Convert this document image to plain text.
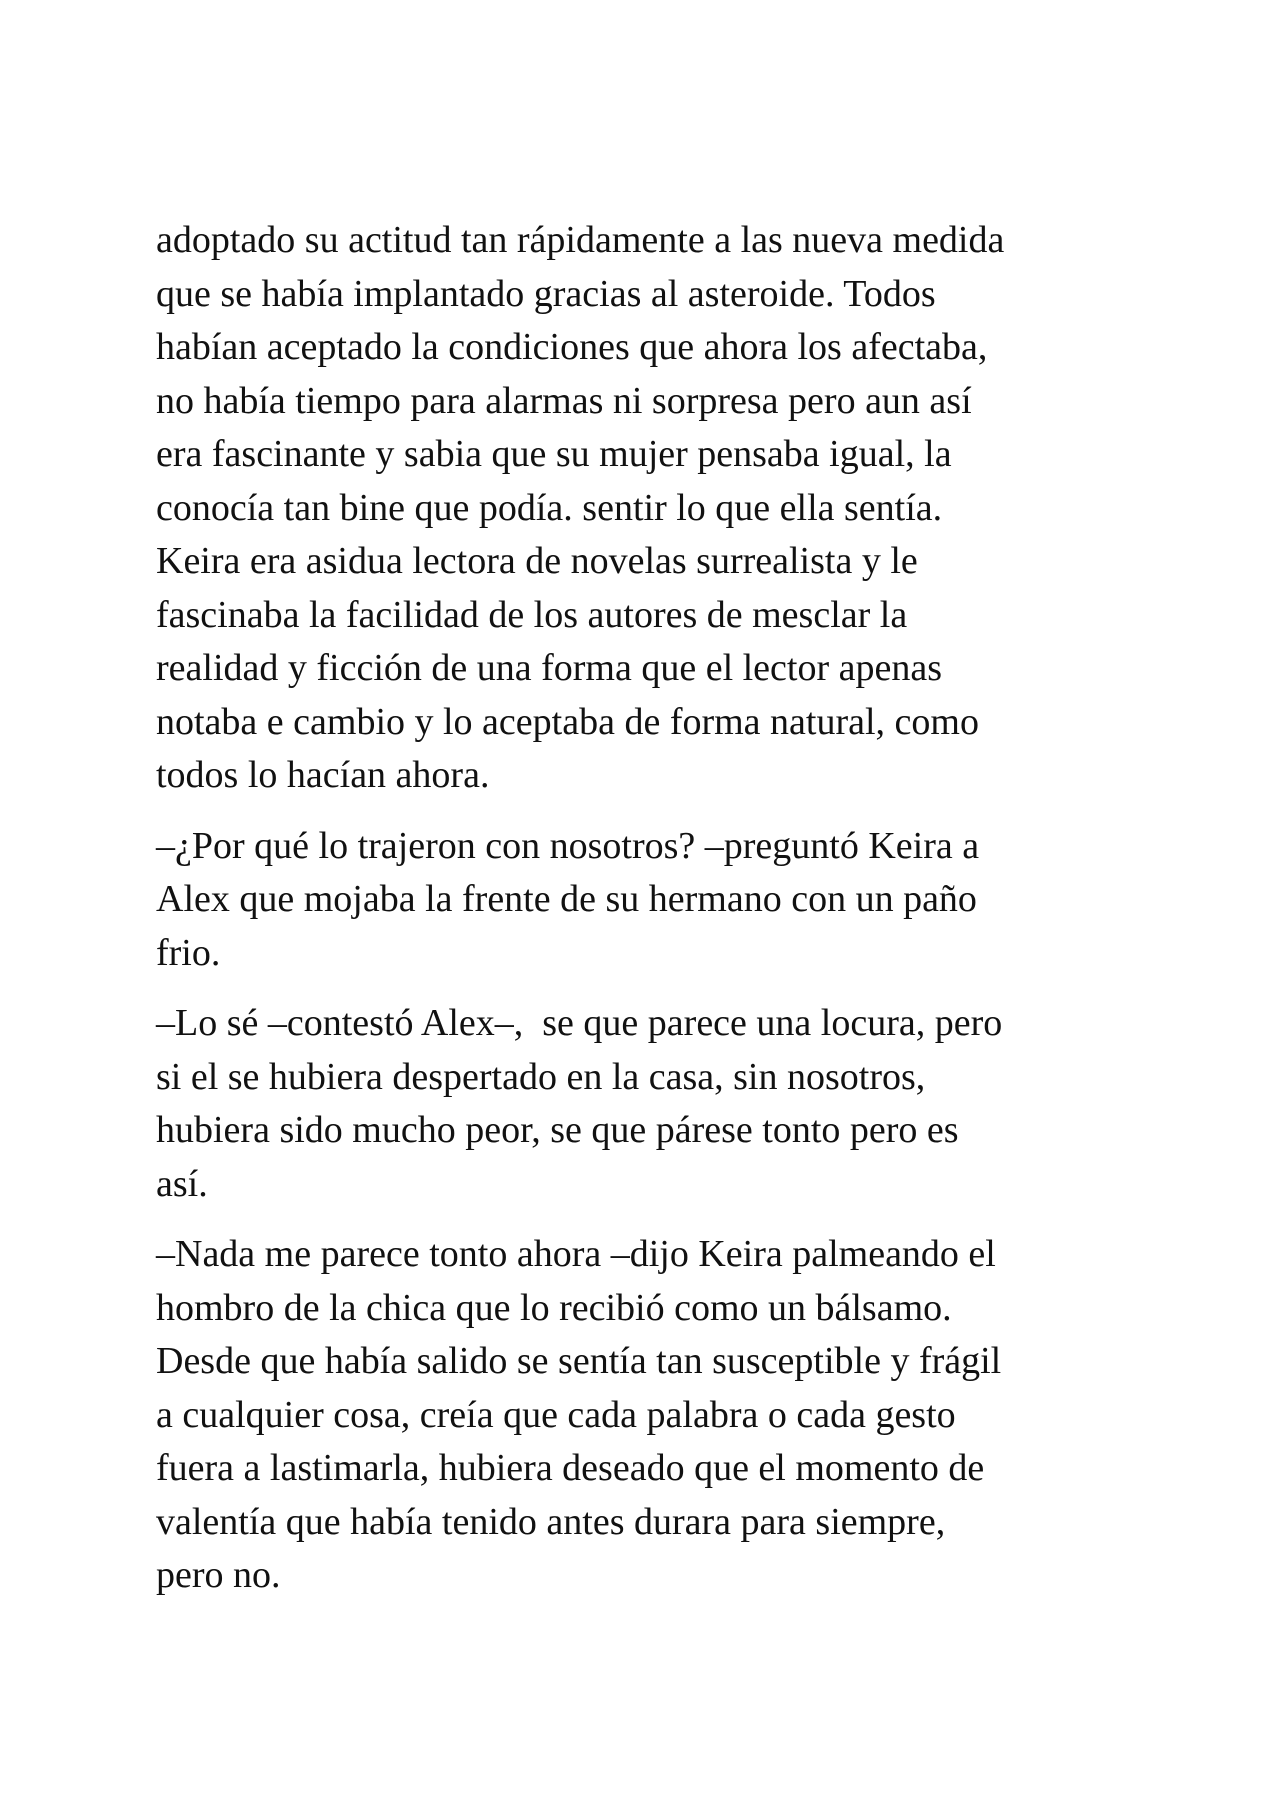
adoptado su actitud tan rápidamente a las nueva medida
que se había implantado gracias al asteroide. Todos
habían aceptado la condiciones que ahora los afectaba,
no había tiempo para alarmas ni sorpresa pero aun así
era fascinante y sabia que su mujer pensaba igual, la
conocía tan bine que podía. sentir lo que ella sentía.
Keira era asidua lectora de novelas surrealista y le
fascinaba la facilidad de los autores de mesclar la
realidad y ficción de una forma que el lector apenas
notaba e cambio y lo aceptaba de forma natural, como
todos lo hacían ahora.

–¿Por qué lo trajeron con nosotros? –preguntó Keira a
Alex que mojaba la frente de su hermano con un paño
frio.

–Lo sé –contestó Alex–,  se que parece una locura, pero
si el se hubiera despertado en la casa, sin nosotros,
hubiera sido mucho peor, se que párese tonto pero es
así.

–Nada me parece tonto ahora –dijo Keira palmeando el
hombro de la chica que lo recibió como un bálsamo.
Desde que había salido se sentía tan susceptible y frágil
a cualquier cosa, creía que cada palabra o cada gesto
fuera a lastimarla, hubiera deseado que el momento de
valentía que había tenido antes durara para siempre,
pero no.
